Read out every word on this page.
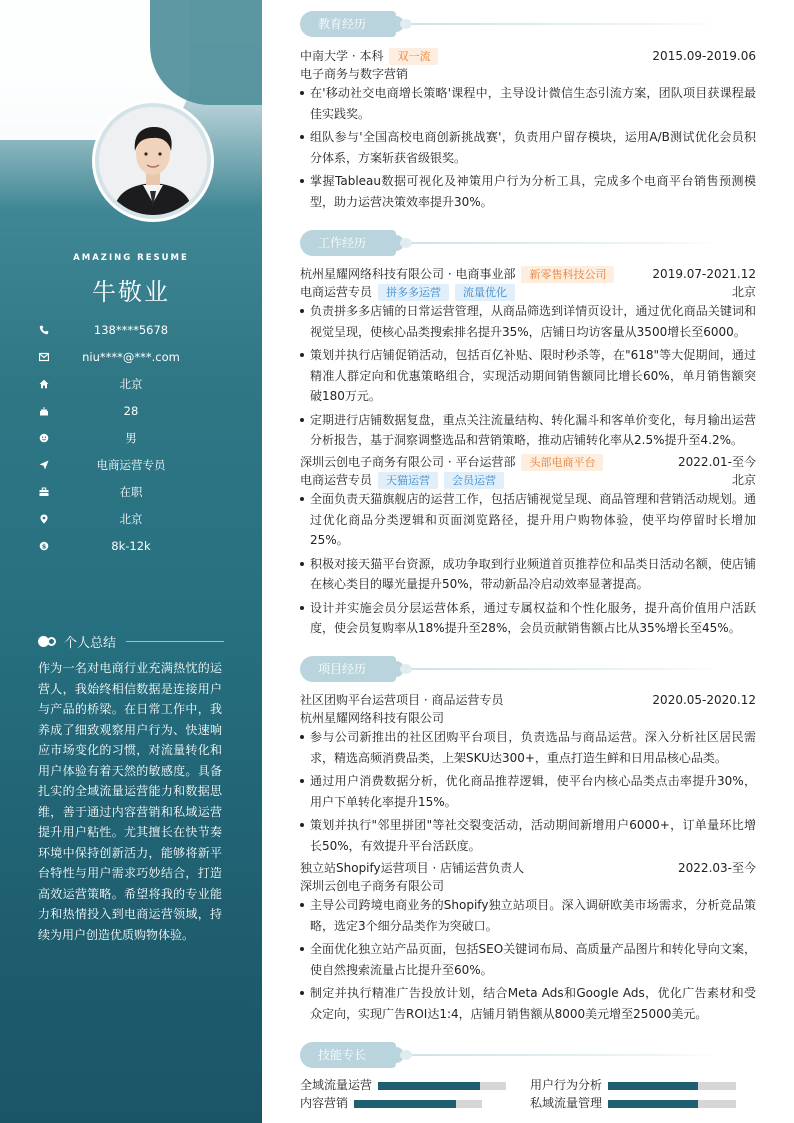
AMAZING RESUME
牛敬业
138****5678
niu****@***.com
北京
28
男
电商运营专员
在职
北京
$	8k-12k
个人总结
作为一名对电商行业充满热忱的运营人，我始终相信数据是连接用户与产品的桥梁。在日常工作中，我养成了细致观察用户行为、快速响应市场变化的习惯，对流量转化和用户体验有着天然的敏感度。具备扎实的全域流量运营能力和数据思维，善于通过内容营销和私域运营提升用户粘性。尤其擅长在快节奏环境中保持创新活力，能够将新平台特性与用户需求巧妙结合，打造高效运营策略。希望将我的专业能力和热情投入到电商运营领域，持续为用户创造优质购物体验。
教育经历
中南大学 · 本科	双一流	2015.09-2019.06
电子商务与数字营销
在'移动社交电商增长策略'课程中，主导设计微信生态引流方案，团队项目获课程最佳实践奖。
组队参与'全国高校电商创新挑战赛'，负责用户留存模块，运用A/B测试优化会员积分体系，方案斩获省级银奖。
掌握Tableau数据可视化及神策用户行为分析工具，完成多个电商平台销售预测模型，助力运营决策效率提升30%。
工作经历
杭州星耀网络科技有限公司 · 电商事业部	新零售科技公司	2019.07-2021.12
电商运营专员	拼多多运营	流量优化	北京
负责拼多多店铺的日常运营管理，从商品筛选到详情页设计，通过优化商品关键词和视觉呈现，使核心品类搜索排名提升35%，店铺日均访客量从3500增长至6000。
策划并执行店铺促销活动，包括百亿补贴、限时秒杀等，在"618"等大促期间，通过精准人群定向和优惠策略组合，实现活动期间销售额同比增长60%，单月销售额突破180万元。
定期进行店铺数据复盘，重点关注流量结构、转化漏斗和客单价变化，每月输出运营分析报告，基于洞察调整选品和营销策略，推动店铺转化率从2.5%提升至4.2%。
深圳云创电子商务有限公司 · 平台运营部	头部电商平台	2022.01-至今
电商运营专员	天猫运营	会员运营	北京
全面负责天猫旗舰店的运营工作，包括店铺视觉呈现、商品管理和营销活动规划。通过优化商品分类逻辑和页面浏览路径，提升用户购物体验，使平均停留时长增加25%。
积极对接天猫平台资源，成功争取到行业频道首页推荐位和品类日活动名额，使店铺在核心类目的曝光量提升50%，带动新品冷启动效率显著提高。
设计并实施会员分层运营体系，通过专属权益和个性化服务，提升高价值用户活跃度，使会员复购率从18%提升至28%，会员贡献销售额占比从35%增长至45%。
项目经历
社区团购平台运营项目 · 商品运营专员	2020.05-2020.12
杭州星耀网络科技有限公司
参与公司新推出的社区团购平台项目，负责选品与商品运营。深入分析社区居民需求，精选高频消费品类，上架SKU达300+，重点打造生鲜和日用品核心品类。
通过用户消费数据分析，优化商品推荐逻辑，使平台内核心品类点击率提升30%，用户下单转化率提升15%。
策划并执行"邻里拼团"等社交裂变活动，活动期间新增用户6000+，订单量环比增长50%，有效提升平台活跃度。
独立站Shopify运营项目 · 店铺运营负责人	2022.03-至今
深圳云创电子商务有限公司
主导公司跨境电商业务的Shopify独立站项目。深入调研欧美市场需求，分析竞品策略，选定3个细分品类作为突破口。
全面优化独立站产品页面，包括SEO关键词布局、高质量产品图片和转化导向文案，使自然搜索流量占比提升至60%。
制定并执行精准广告投放计划，结合Meta Ads和Google Ads，优化广告素材和受众定向，实现广告ROI达1:4，店铺月销售额从8000美元增至25000美元。
技能专长
全域流量运营	用户行为分析
内容营销	私域流量管理
